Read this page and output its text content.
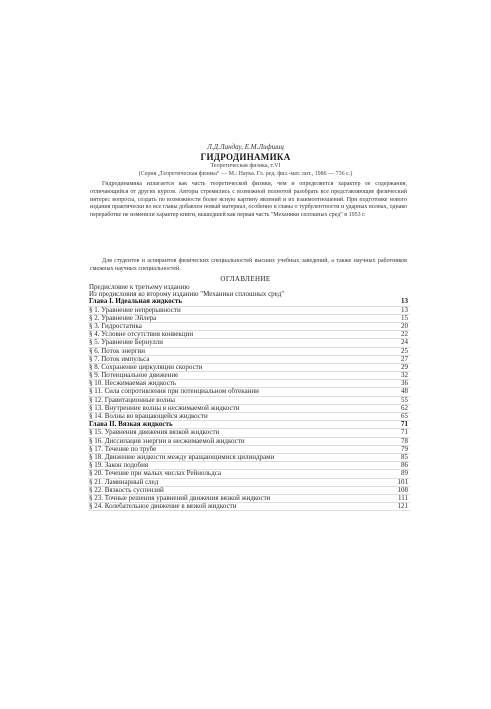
Л.Д.Ландау, Е.М.Лифшиц
ГИДРОДИНАМИКА
Теоретическая физика, т.VI
(Серия „Теоретическая физика“ — М.: Наука. Гл. ред. физ.-мат. лит., 1986 — 736 с.)
Гидродинамика излагается как часть теоретической физики, чем и определяется характер ее содержания, отличающийся от других курсов. Авторы стремились с возможной полнотой разобрать все представляющие физический интерес вопросы, создать по возможности более ясную картину явлений и их взаимоотношений. При подготовке нового издания практически во все главы добавлен новый материал, особенно в главы о турбулентности и ударных волнах, однако переработке не изменили характер книги, вышедшей как первая часть "Механики сплошных сред" в 1953 г.
Для студентов и аспирантов физических специальностей высших учебных заведений, а также научных работников смежных научных специальностей.
ОГЛАВЛЕНИЕ
Предисловие к третьему изданию
Из предисловия ко второму изданию "Механики сплошных сред"
Глава I. Идеальная жидкость	13
§ 1. Уравнение непрерывности	13
§ 2. Уравнение Эйлера	15
§ 3. Гидростатика	20
§ 4. Условие отсутствия конвекции	22
§ 5. Уравнение Бернулли	24
§ 6. Поток энергии	25
§ 7. Поток импульса	27
§ 8. Сохранение циркуляции скорости	29
§ 9. Потенциальное движение	32
§ 10. Несжимаемая жидкость	36
§ 11. Сила сопротивления при потенциальном обтекании	48
§ 12. Гравитационные волны	55
§ 13. Внутренние волны в несжимаемой жидкости	62
§ 14. Волны во вращающейся жидкости	65
Глава II. Вязкая жидкость	71
§ 15. Уравнения движения вязкой жидкости	71
§ 16. Диссипация энергии в несжимаемой жидкости	78
§ 17. Течение по трубе	79
§ 18. Движение жидкости между вращающимися цилиндрами	85
§ 19. Закон подобия	86
§ 20. Течение при малых числах Рейнольдса	89
§ 21. Ламинарный след	101
§ 22. Вязкость суспензий	108
§ 23. Точные решения уравнений движения вязкой жидкости	111
§ 24. Колебательное движение в вязкой жидкости	121
